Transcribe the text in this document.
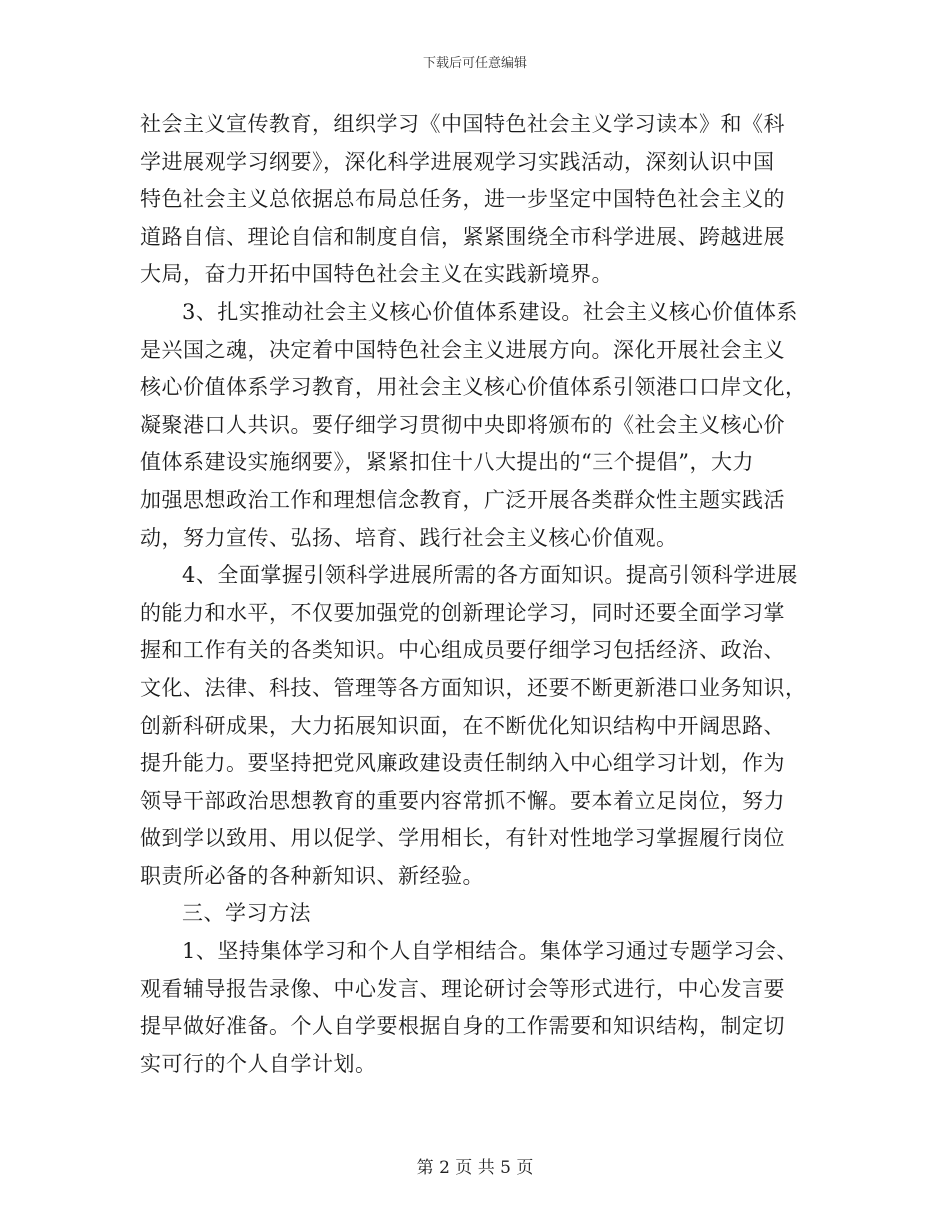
下载后可任意编辑
社会主义宣传教育，组织学习《中国特色社会主义学习读本》和《科
学进展观学习纲要》，深化科学进展观学习实践活动，深刻认识中国
特色社会主义总依据总布局总任务，进一步坚定中国特色社会主义的
道路自信、理论自信和制度自信，紧紧围绕全市科学进展、跨越进展
大局，奋力开拓中国特色社会主义在实践新境界。
3、扎实推动社会主义核心价值体系建设。社会主义核心价值体系
是兴国之魂，决定着中国特色社会主义进展方向。深化开展社会主义
核心价值体系学习教育，用社会主义核心价值体系引领港口口岸文化，
凝聚港口人共识。要仔细学习贯彻中央即将颁布的《社会主义核心价
值体系建设实施纲要》，紧紧扣住十八大提出的“三个提倡”，大力
加强思想政治工作和理想信念教育，广泛开展各类群众性主题实践活
动，努力宣传、弘扬、培育、践行社会主义核心价值观。
4、全面掌握引领科学进展所需的各方面知识。提高引领科学进展
的能力和水平，不仅要加强党的创新理论学习，同时还要全面学习掌
握和工作有关的各类知识。中心组成员要仔细学习包括经济、政治、
文化、法律、科技、管理等各方面知识，还要不断更新港口业务知识，
创新科研成果，大力拓展知识面，在不断优化知识结构中开阔思路、
提升能力。要坚持把党风廉政建设责任制纳入中心组学习计划，作为
领导干部政治思想教育的重要内容常抓不懈。要本着立足岗位，努力
做到学以致用、用以促学、学用相长，有针对性地学习掌握履行岗位
职责所必备的各种新知识、新经验。
三、学习方法
1、坚持集体学习和个人自学相结合。集体学习通过专题学习会、
观看辅导报告录像、中心发言、理论研讨会等形式进行，中心发言要
提早做好准备。个人自学要根据自身的工作需要和知识结构，制定切
实可行的个人自学计划。
第 2 页 共 5 页
